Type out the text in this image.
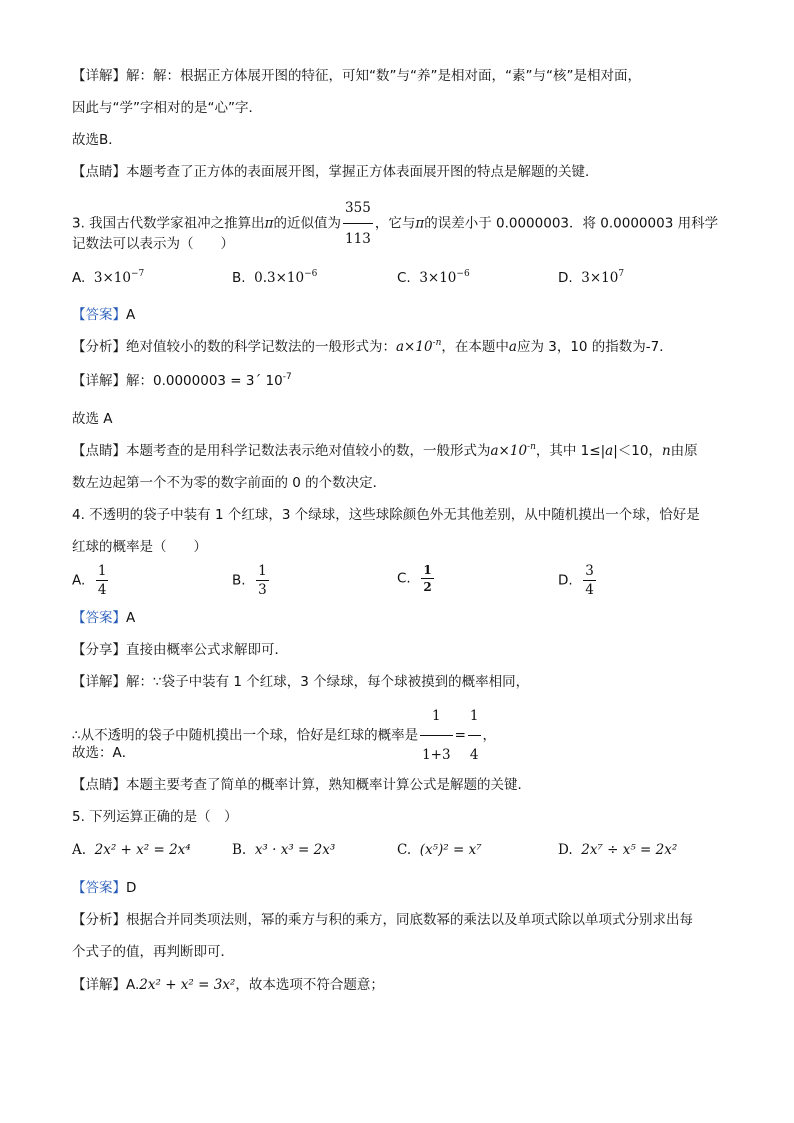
【详解】解：解：根据正方体展开图的特征，可知“数”与“养”是相对面，“素”与“核”是相对面，
因此与“学”字相对的是“心”字．
故选B．
【点睛】本题考查了正方体的表面展开图，掌握正方体表面展开图的特点是解题的关键．
3. 我国古代数学家祖冲之推算出π的近似值为 $\frac{355}{113}$ ，它与π的误差小于 0.0000003．将 0.0000003 用科学
记数法可以表示为（　　）
A. $3\times 10^{-7}$	B. $0.3\times 10^{-6}$	C. $3\times 10^{-6}$	D. $3\times 10^7$
【答案】A
【分析】绝对值较小的数的科学记数法的一般形式为：$a\times 10^{-n}$，在本题中a应为 3，10 的指数为-7．
【详解】解：0.0000003 = 3´ $10^{-7}$
故选 A
【点睛】本题考查的是用科学记数法表示绝对值较小的数，一般形式为$a\times 10^{-n}$，其中 1≤|a|＜10，n由原
数左边起第一个不为零的数字前面的 0 的个数决定．
4. 不透明的袋子中装有 1 个红球，3 个绿球，这些球除颜色外无其他差别，从中随机摸出一个球，恰好是
红球的概率是（　　）
A. $\frac{1}{4}$	B. $\frac{1}{3}$	C. $\frac{1}{2}$	D. $\frac{3}{4}$
【答案】A
【分享】直接由概率公式求解即可．
【详解】解：∵袋子中装有 1 个红球，3 个绿球，每个球被摸到的概率相同，
∴从不透明的袋子中随机摸出一个球，恰好是红球的概率是 $\frac{1}{1+3} = \frac{1}{4}$ ，
故选：A．
【点睛】本题主要考查了简单的概率计算，熟知概率计算公式是解题的关键．
5. 下列运算正确的是（　）
A. 2x² + x² = 2x⁴	B. x³ · x³ = 2x³	C. (x⁵)² = x⁷	D. 2x⁷ ÷ x⁵ = 2x²
【答案】D
【分析】根据合并同类项法则，幂的乘方与积的乘方，同底数幂的乘法以及单项式除以单项式分别求出每
个式子的值，再判断即可．
【详解】A.2x² + x² = 3x²，故本选项不符合题意；
